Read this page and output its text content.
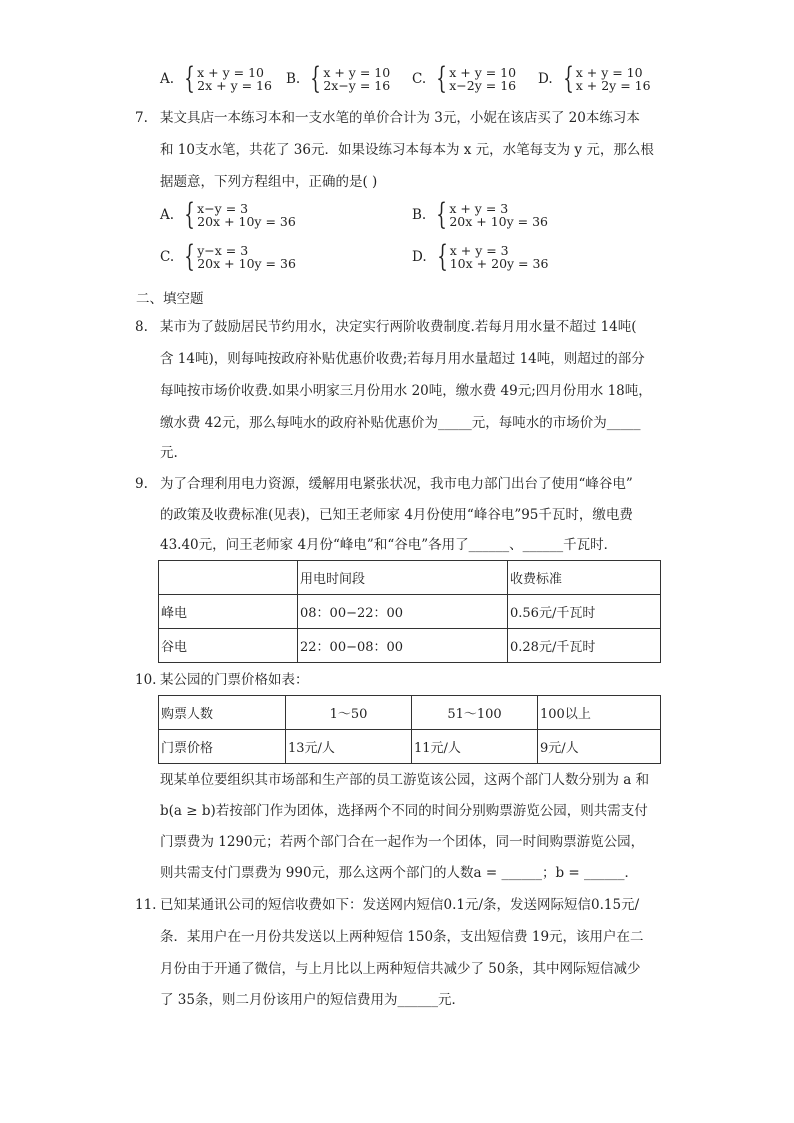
A. { x + y = 10
2x + y = 16 B. { x + y = 10
2x−y = 16 C. { x + y = 10
x−2y = 16 D. { x + y = 10
x + 2y = 16
7. 某文具店一本练习本和一支水笔的单价合计为 3元，小妮在该店买了 20本练习本
和 10支水笔，共花了 36元．如果设练习本每本为 x 元，水笔每支为 y 元，那么根
据题意，下列方程组中，正确的是( )
A. { x−y = 3
20x + 10y = 36	B. { x + y = 3
20x + 10y = 36
C. { y−x = 3
20x + 10y = 36	D. { x + y = 3
10x + 20y = 36
二、填空题
8. 某市为了鼓励居民节约用水，决定实行两阶收费制度.若每月用水量不超过 14吨(
含 14吨)，则每吨按政府补贴优惠价收费;若每月用水量超过 14吨，则超过的部分
每吨按市场价收费.如果小明家三月份用水 20吨，缴水费 49元;四月份用水 18吨，
缴水费 42元，那么每吨水的政府补贴优惠价为_____元，每吨水的市场价为_____
元.
9. 为了合理利用电力资源，缓解用电紧张状况，我市电力部门出台了使用“峰谷电”
的政策及收费标准(见表)，已知王老师家 4月份使用“峰谷电”95千瓦时，缴电费
43.40元，问王老师家 4月份“峰电”和“谷电”各用了______、______千瓦时．
	用电时间段	收费标准
峰电	08：00−22：00	0.56元/千瓦时
谷电	22：00−08：00	0.28元/千瓦时
10. 某公园的门票价格如表：
购票人数	1～50	51～100	100以上
门票价格	13元/人	11元/人	9元/人
现某单位要组织其市场部和生产部的员工游览该公园，这两个部门人数分别为 a 和
b(a ≥ b)若按部门作为团体，选择两个不同的时间分别购票游览公园，则共需支付
门票费为 1290元；若两个部门合在一起作为一个团体，同一时间购票游览公园，
则共需支付门票费为 990元，那么这两个部门的人数a = ______；b = ______．
11. 已知某通讯公司的短信收费如下：发送网内短信0.1元/条，发送网际短信0.15元/
条．某用户在一月份共发送以上两种短信 150条，支出短信费 19元，该用户在二
月份由于开通了微信，与上月比以上两种短信共减少了 50条，其中网际短信减少
了 35条，则二月份该用户的短信费用为______元．
